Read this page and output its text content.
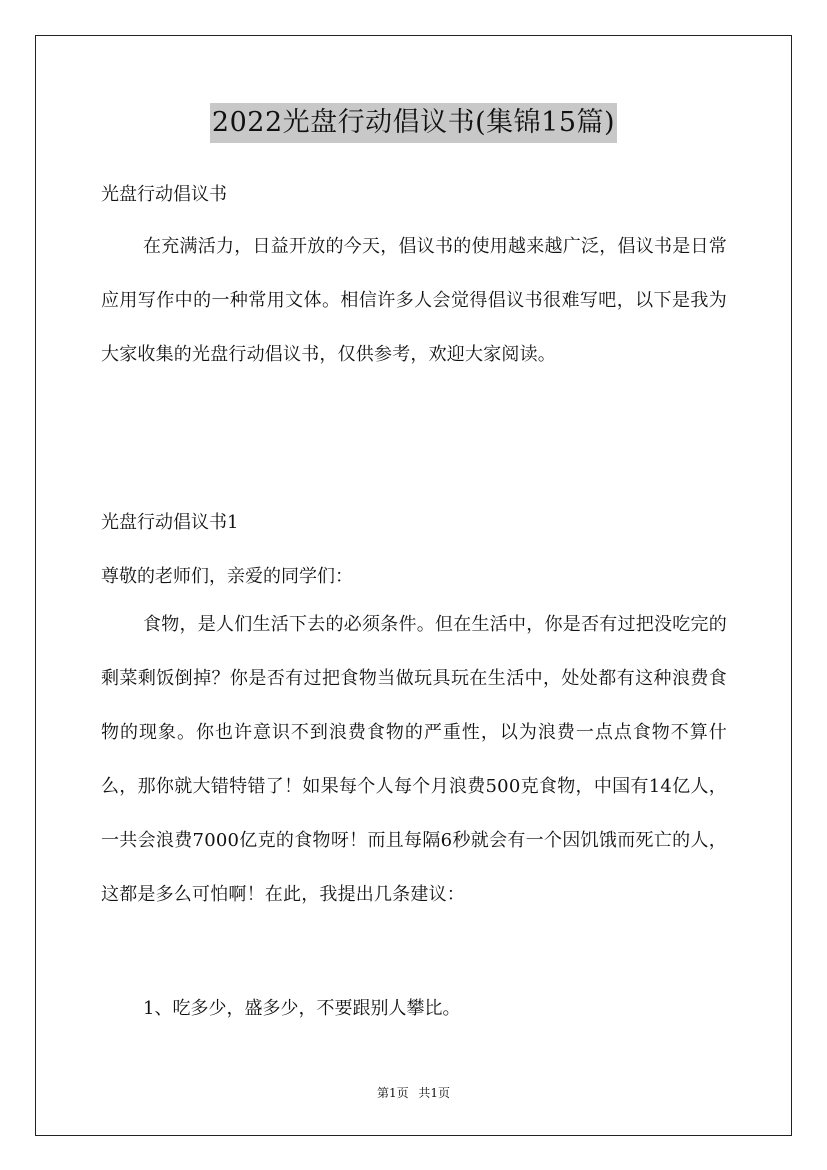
2022光盘行动倡议书(集锦15篇)
光盘行动倡议书
在充满活力，日益开放的今天，倡议书的使用越来越广泛，倡议书是日常应用写作中的一种常用文体。相信许多人会觉得倡议书很难写吧，以下是我为大家收集的光盘行动倡议书，仅供参考，欢迎大家阅读。
光盘行动倡议书1
尊敬的老师们，亲爱的同学们：
食物，是人们生活下去的必须条件。但在生活中，你是否有过把没吃完的剩菜剩饭倒掉？你是否有过把食物当做玩具玩在生活中，处处都有这种浪费食物的现象。你也许意识不到浪费食物的严重性，以为浪费一点点食物不算什么，那你就大错特错了！如果每个人每个月浪费500克食物，中国有14亿人，一共会浪费7000亿克的食物呀！而且每隔6秒就会有一个因饥饿而死亡的人，这都是多么可怕啊！在此，我提出几条建议：
1、吃多少，盛多少，不要跟别人攀比。
第1页 共1页
